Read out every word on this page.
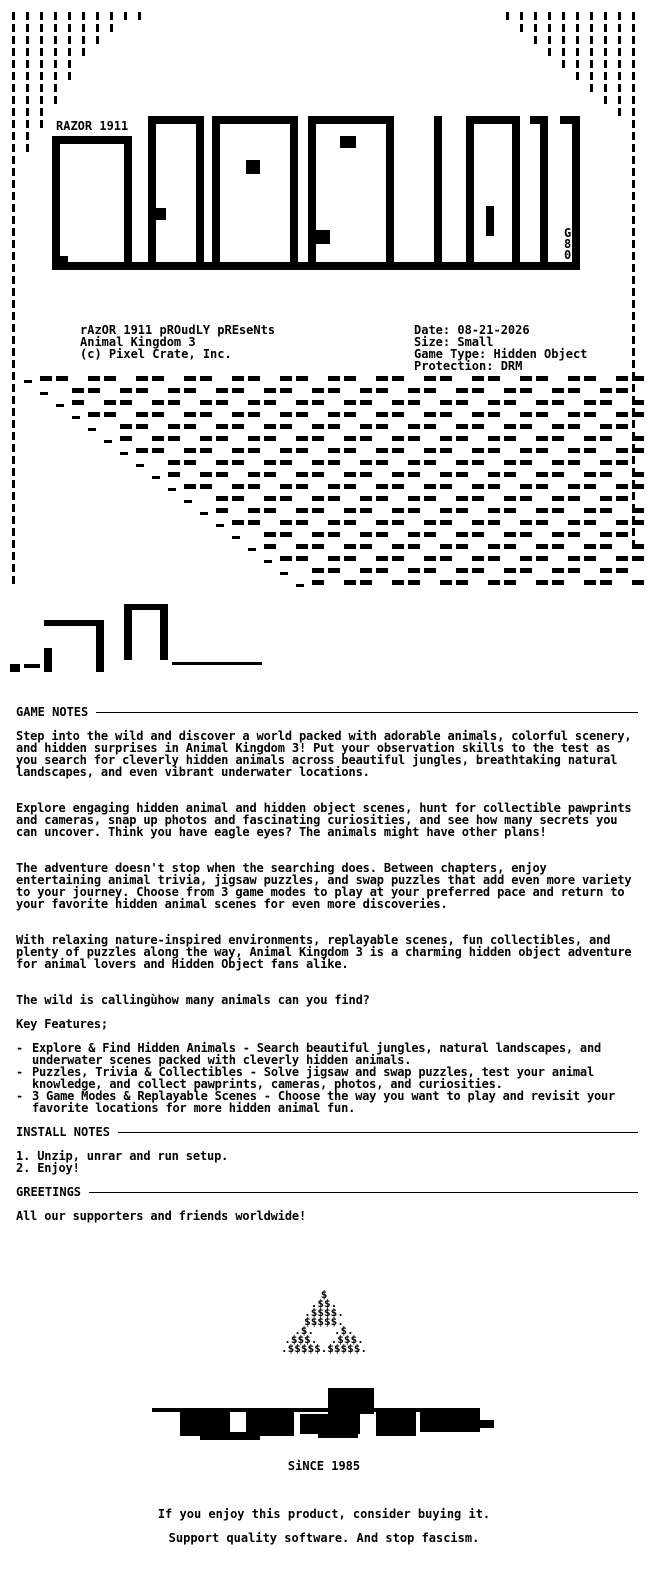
RAZOR 1911
G
8
0
rAzOR 1911 pROudLY pREseNts
Animal Kingdom 3
(c) Pixel Crate, Inc.
Date: 08-21-2026
Size: Small
Game Type: Hidden Object
Protection: DRM
GAME NOTES

Step into the wild and discover a world packed with adorable animals, colorful scenery, and hidden surprises in Animal Kingdom 3! Put your observation skills to the test as you search for cleverly hidden animals across beautiful jungles, breathtaking natural landscapes, and even vibrant underwater locations.

Explore engaging hidden animal and hidden object scenes, hunt for collectible pawprints and cameras, snap up photos and fascinating curiosities, and see how many secrets you can uncover. Think you have eagle eyes? The animals might have other plans!

The adventure doesn't stop when the searching does. Between chapters, enjoy entertaining animal trivia, jigsaw puzzles, and swap puzzles that add even more variety to your journey. Choose from 3 game modes to play at your preferred pace and return to your favorite hidden animal scenes for even more discoveries.

With relaxing nature-inspired environments, replayable scenes, fun collectibles, and plenty of puzzles along the way, Animal Kingdom 3 is a charming hidden object adventure for animal lovers and Hidden Object fans alike.

The wild is callingùhow many animals can you find?

Key Features;

- Explore & Find Hidden Animals - Search beautiful jungles, natural landscapes, and underwater scenes packed with cleverly hidden animals.
- Puzzles, Trivia & Collectibles - Solve jigsaw and swap puzzles, test your animal knowledge, and collect pawprints, cameras, photos, and curiosities.
- 3 Game Modes & Replayable Scenes - Choose the way you want to play and revisit your favorite locations for more hidden animal fun.
INSTALL NOTES

1. Unzip, unrar and run setup.

2. Enjoy!

GREETINGS

All our supporters and friends worldwide!

$
.$$.
.$$$$.
$$$$$.
.$.   .$.
.$$$.  .$$$.
.$$$$$.$$$$$.
SiNCE 1985
If you enjoy this product, consider buying it.
Support quality software. And stop fascism.
